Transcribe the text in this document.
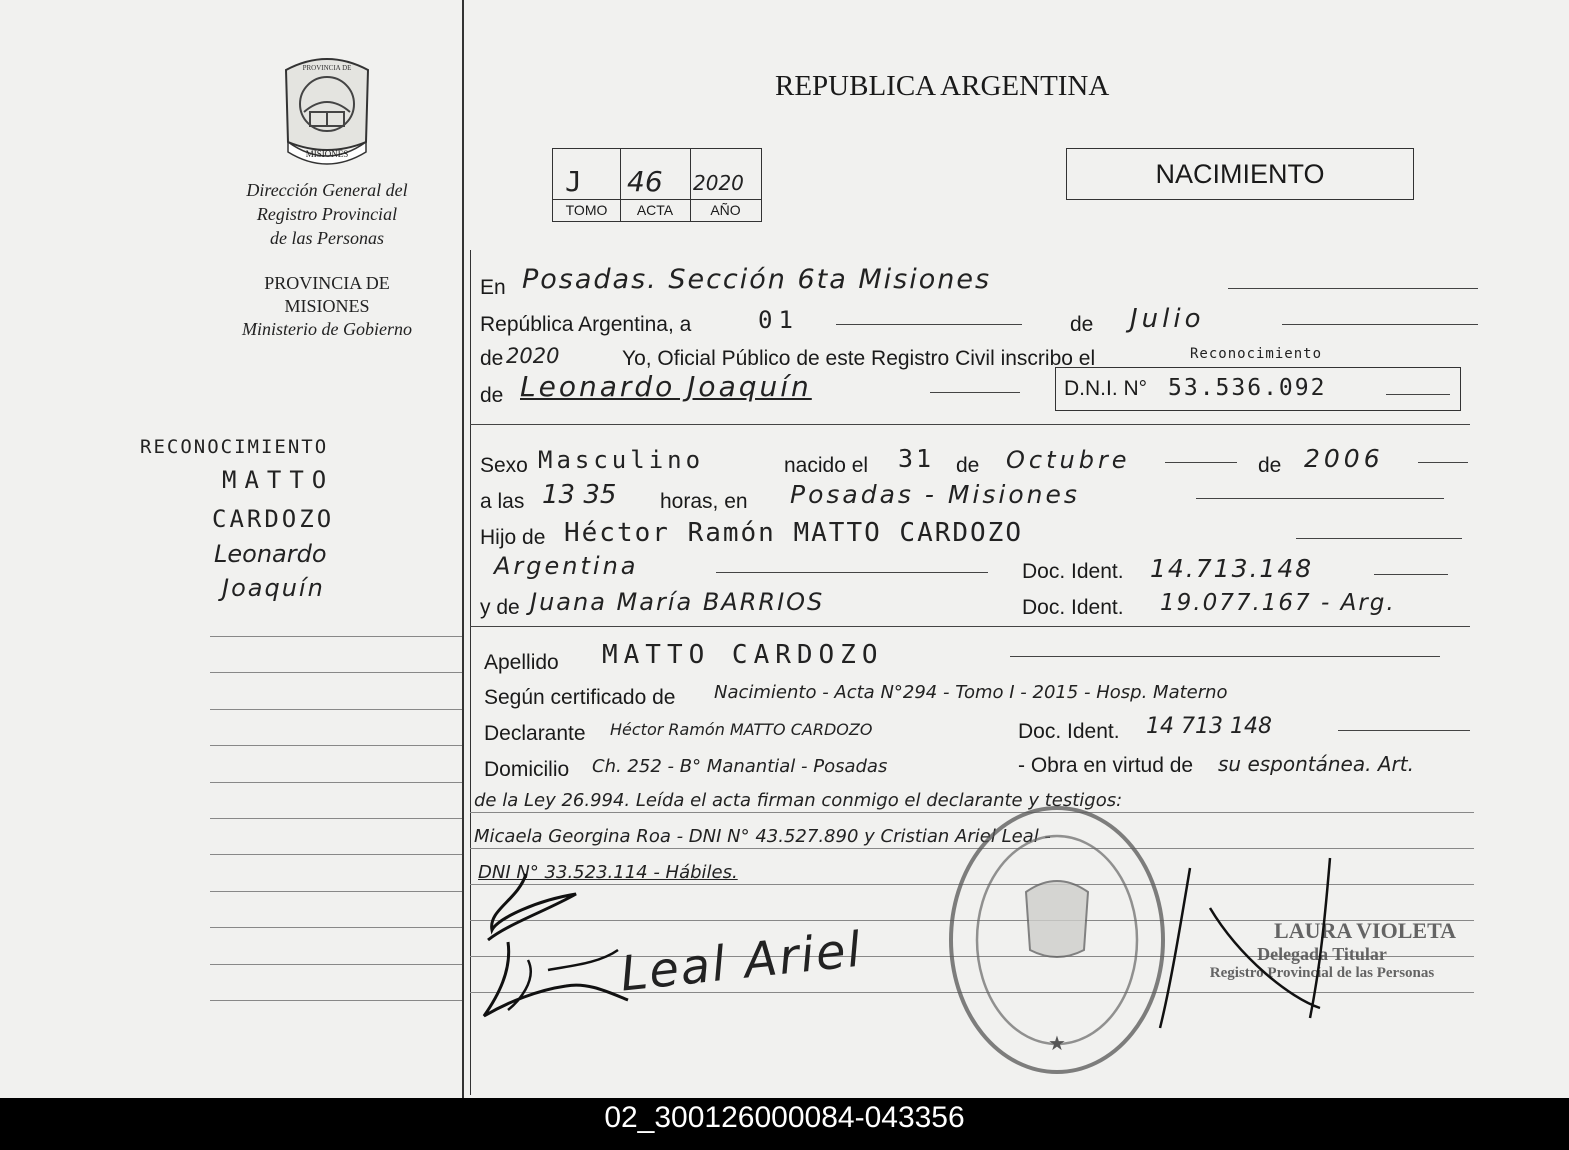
PROVINCIA DE
MISIONES
Dirección General del
Registro Provincial
de las Personas
PROVINCIA DE
MISIONES
Ministerio de Gobierno
RECONOCIMIENTO
MATTO
CARDOZO
Leonardo
Joaquín
REPUBLICA ARGENTINA
J 46 2020
TOMO	ACTA	AÑO
NACIMIENTO
En Posadas. Sección 6ta Misiones
República Argentina, a	01	de Julio
de 2020	Yo, Oficial Público de este Registro Civil inscribo el	Reconocimiento
de Leonardo Joaquín	D.N.I. N° 53.536.092
Sexo Masculino	nacido el 31 de Octubre	de 2006
a las 13 35 horas, en Posadas - Misiones
Hijo de Héctor Ramón MATTO CARDOZO
Argentina	Doc. Ident. 14.713.148
y de Juana María BARRIOS	Doc. Ident. 19.077.167 - Arg.
Apellido MATTO CARDOZO
Según certificado de Nacimiento - Acta N°294 - Tomo I - 2015 - Hosp. Materno
Declarante Héctor Ramón MATTO CARDOZO	Doc. Ident. 14 713 148
Domicilio Ch. 252 - B° Manantial - Posadas	- Obra en virtud de su espontánea. Art.
de la Ley 26.994. Leída el acta firman conmigo el declarante y testigos:
Micaela Georgina Roa - DNI N° 43.527.890 y Cristian Ariel Leal -
DNI N° 33.523.114 - Hábiles.
Leal Ariel
★
LAURA VIOLETA
Delegada Titular
Registro Provincial de las Personas
02_300126000084-043356
